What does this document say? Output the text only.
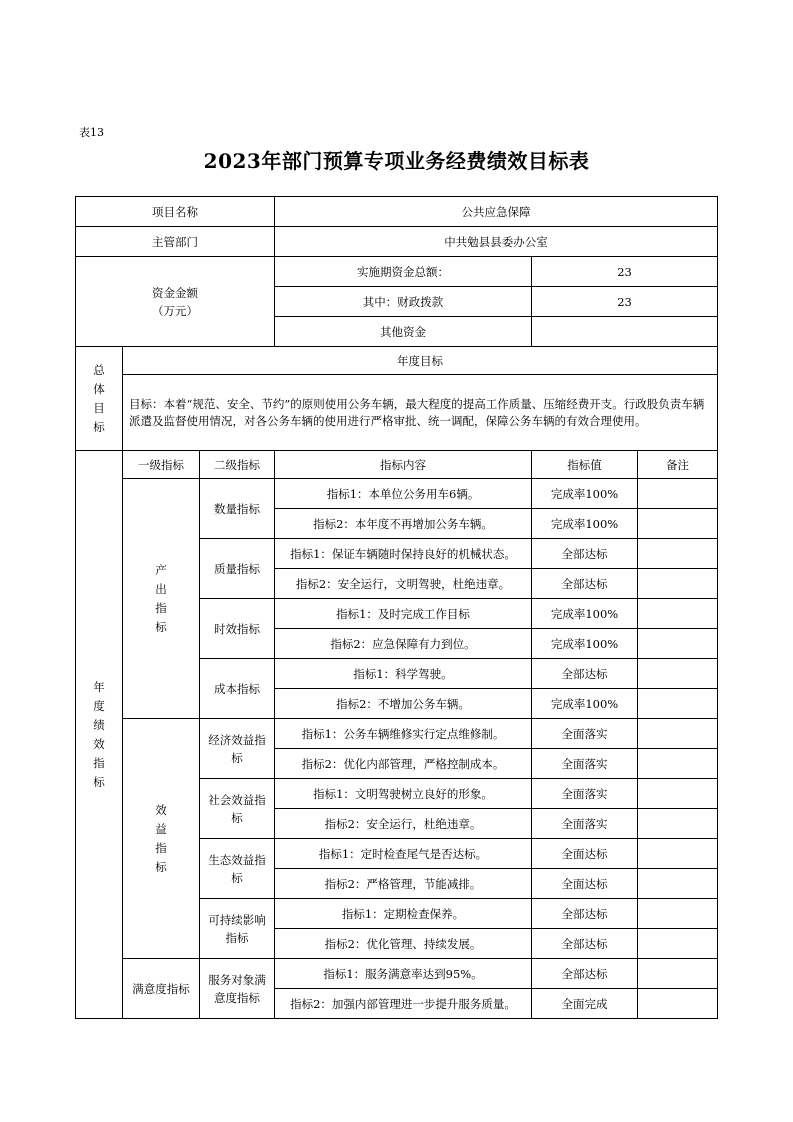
表13
2023年部门预算专项业务经费绩效目标表
项目名称			公共应急保障		
主管部门			中共勉县县委办公室		

资金金额
（万元）			实施期资金总额：	23	
			其中：财政拨款	23	
			其他资金		
总体目标	年度目标				
	目标：本着“规范、安全、节约”的原则使用公务车辆，最大程度的提高工作质量、压缩经费开支。行政股负责车辆派遣及监督使用情况，对各公务车辆的使用进行严格审批、统一调配，保障公务车辆的有效合理使用。				
年度绩效指标	一级指标	二级指标	指标内容	指标值	备注
	产出指标	数量指标	指标1：本单位公务用车6辆。	完成率100%	
			指标2：本年度不再增加公务车辆。	完成率100%	
		质量指标	指标1：保证车辆随时保持良好的机械状态。	全部达标	
			指标2：安全运行，文明驾驶，杜绝违章。	全部达标	
		时效指标	指标1：及时完成工作目标	完成率100%	
			指标2：应急保障有力到位。	完成率100%	
		成本指标	指标1：科学驾驶。	全部达标	
			指标2：不增加公务车辆。	完成率100%	
	效益指标	经济效益指标	指标1：公务车辆维修实行定点维修制。	全面落实	
			指标2：优化内部管理，严格控制成本。	全面落实	
		社会效益指标	指标1：文明驾驶树立良好的形象。	全面落实	
			指标2：安全运行，杜绝违章。	全面落实	
		生态效益指标	指标1：定时检查尾气是否达标。	全面达标	
			指标2：严格管理，节能减排。	全面达标	
		可持续影响指标	指标1：定期检查保养。	全部达标	
			指标2：优化管理、持续发展。	全部达标	
	满意度指标	服务对象满意度指标	指标1：服务满意率达到95%。	全部达标	
			指标2：加强内部管理进一步提升服务质量。	全面完成	
